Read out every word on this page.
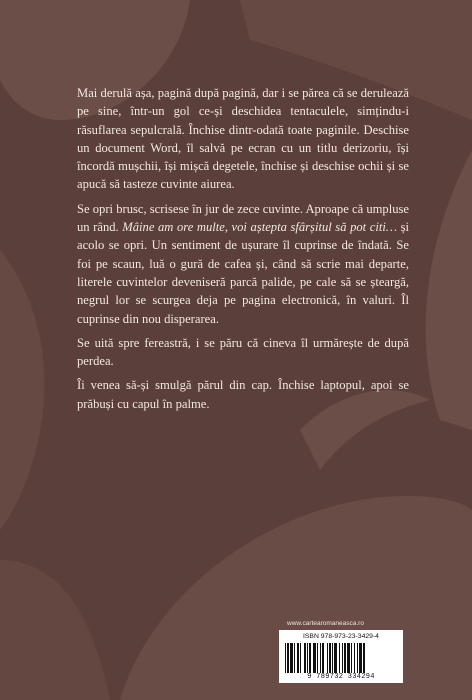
Mai derulă așa, pagină după pagină, dar i se părea că se derulează pe sine, într-un gol ce-și deschidea tentaculele, simțindu-i răsuflarea sepulcrală. Închise dintr-odată toate paginile. Deschise un document Word, îl salvă pe ecran cu un titlu derizoriu, își încordă mușchii, își mișcă degetele, închise și deschise ochii și se apucă să tasteze cuvinte aiurea.

Se opri brusc, scrisese în jur de zece cuvinte. Aproape că umpluse un rând. Mâine am ore multe, voi aștepta sfârșitul să pot citi… și acolo se opri. Un sentiment de ușurare îl cuprinse de îndată. Se foi pe scaun, luă o gură de cafea și, când să scrie mai departe, literele cuvintelor deveniseră parcă palide, pe cale să se șteargă, negrul lor se scurgea deja pe pagina electronică, în valuri. Îl cuprinse din nou disperarea.

Se uită spre fereastră, i se păru că cineva îl urmărește de după perdea.

Îi venea să-și smulgă părul din cap. Închise laptopul, apoi se prăbuși cu capul în palme.

www.cartearomaneasca.ro
ISBN 978-973-23-3429-4
9 789732 334294
